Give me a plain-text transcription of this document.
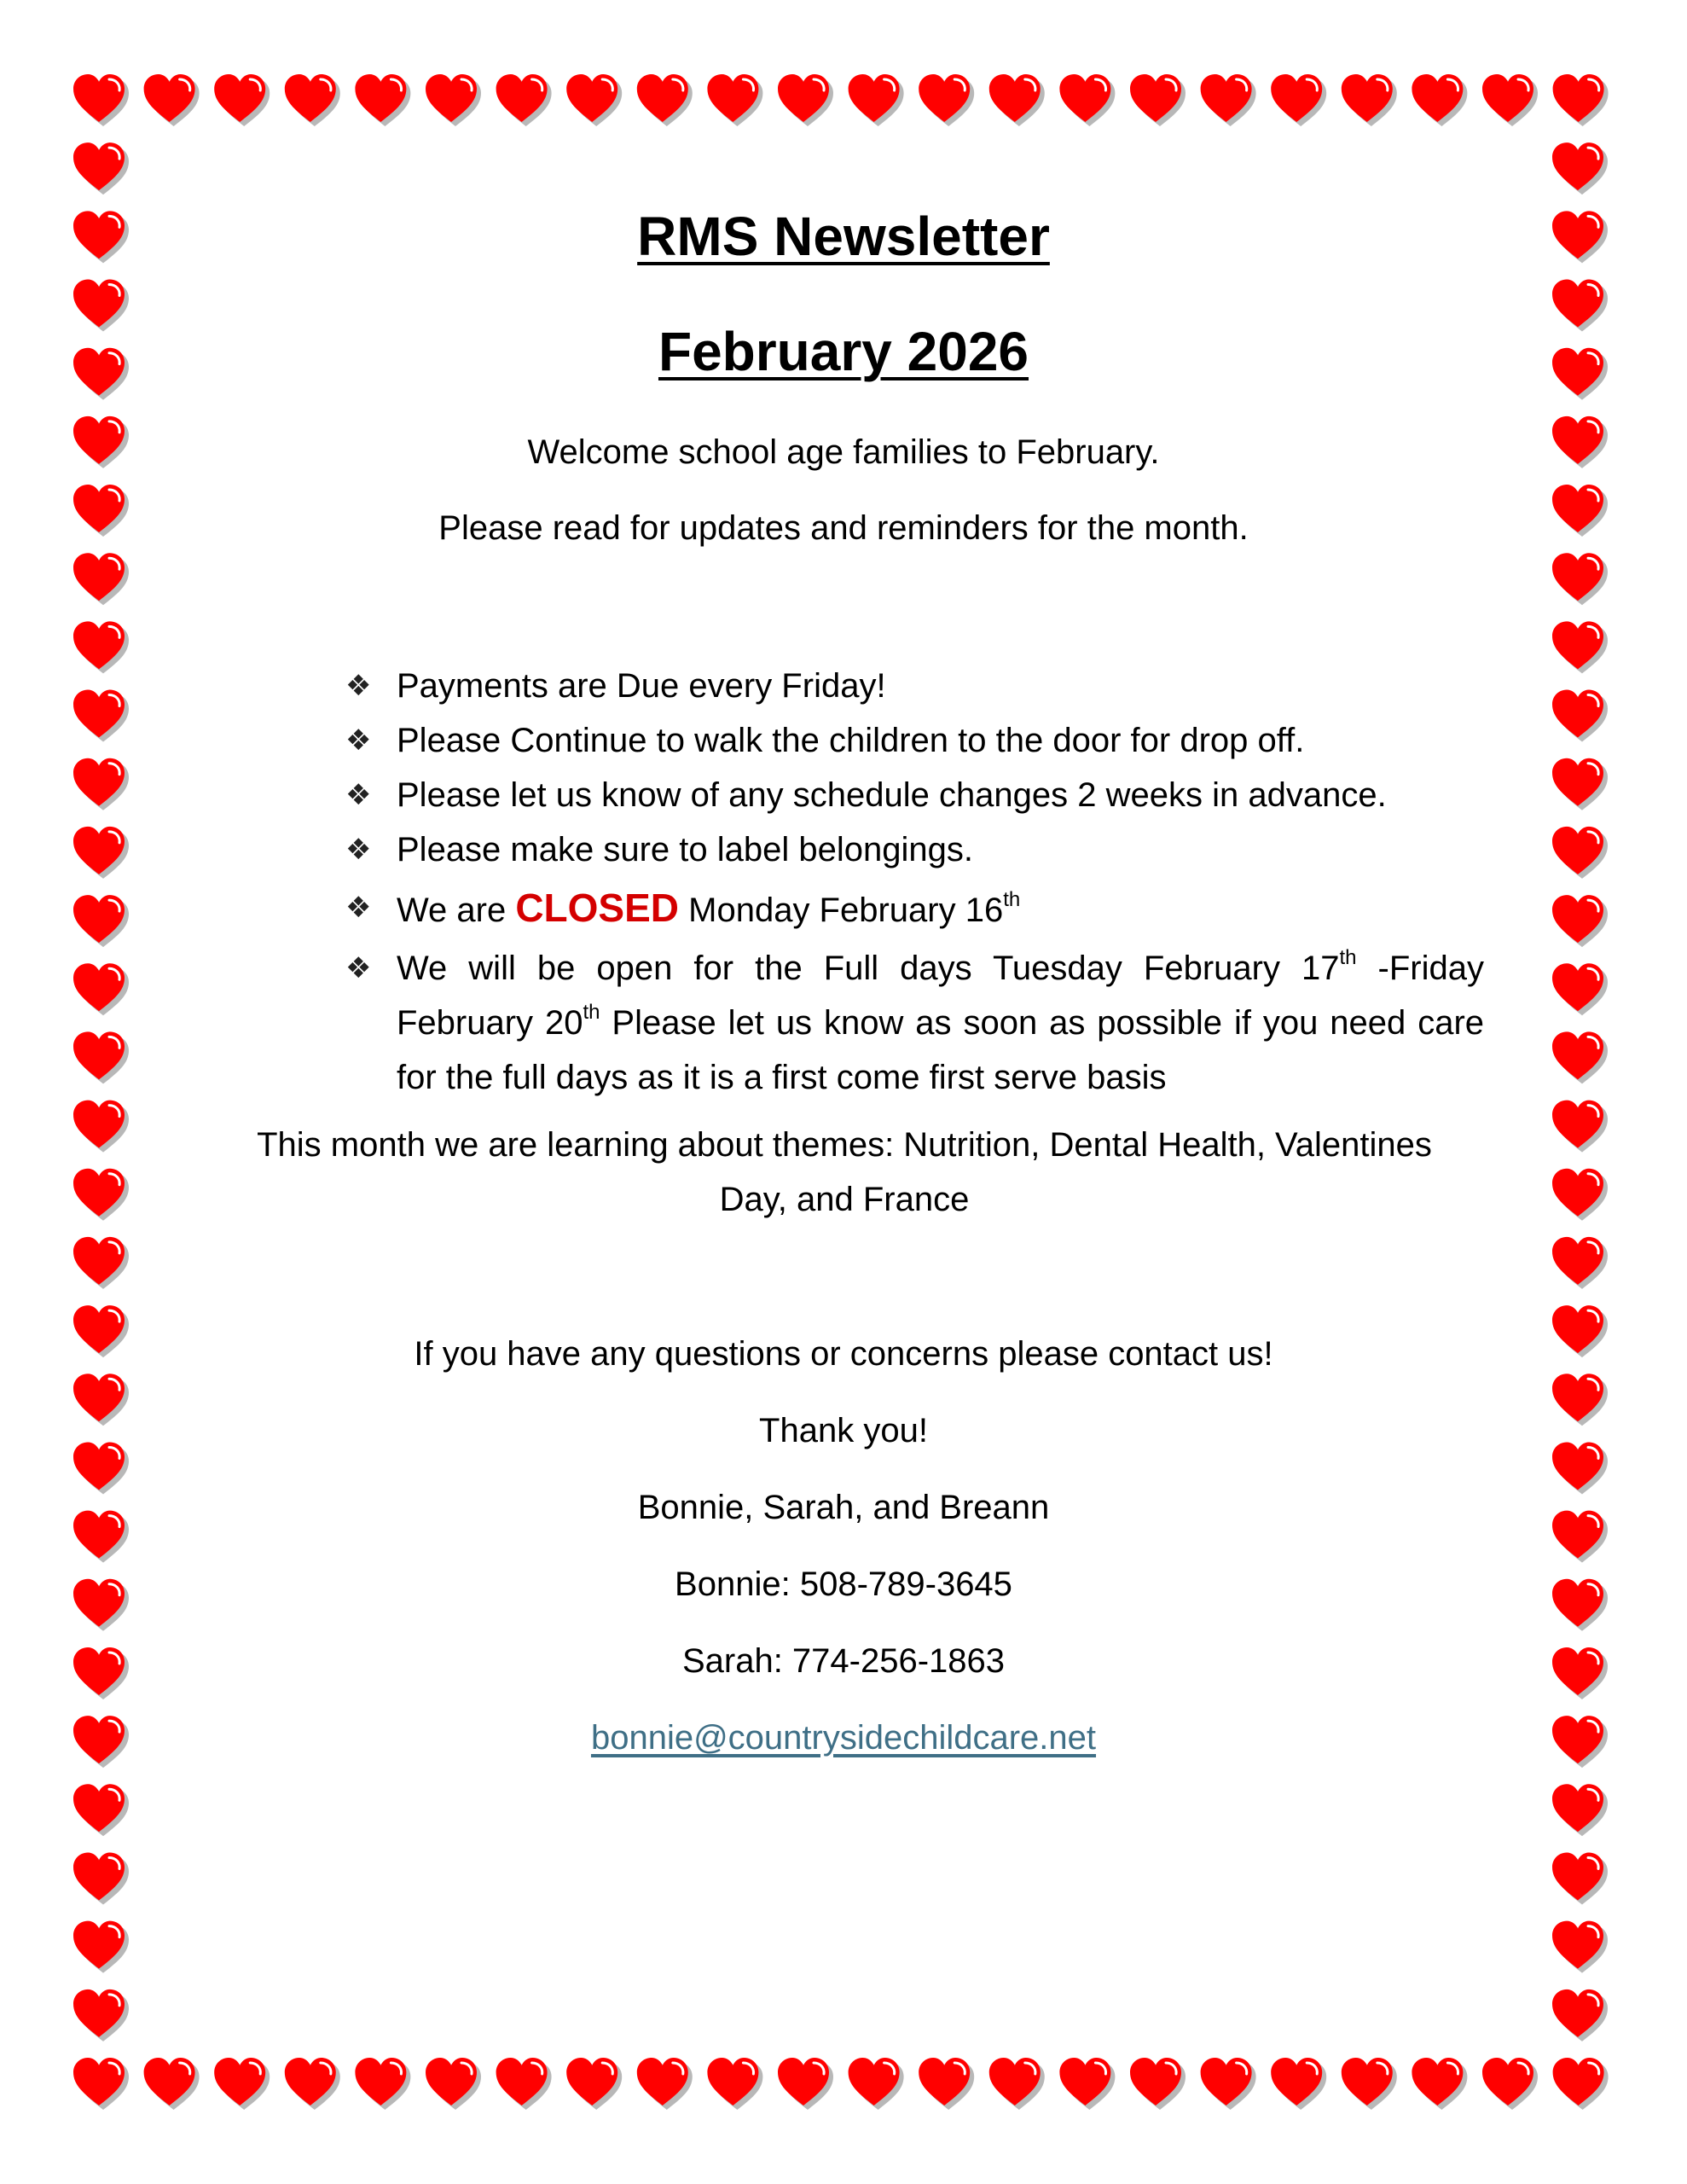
RMS Newsletter
February 2026
Welcome school age families to February.
Please read for updates and reminders for the month.
❖ Payments are Due every Friday!
❖ Please Continue to walk the children to the door for drop off.
❖ Please let us know of any schedule changes 2 weeks in advance.
❖ Please make sure to label belongings.
❖ We are CLOSED Monday February 16th
❖ We will be open for the Full days Tuesday February 17th -Friday February 20th Please let us know as soon as possible if you need care for the full days as it is a first come first serve basis
This month we are learning about themes: Nutrition, Dental Health, Valentines Day, and France
If you have any questions or concerns please contact us!
Thank you!
Bonnie, Sarah, and Breann
Bonnie: 508-789-3645
Sarah: 774-256-1863
bonnie@countrysidechildcare.net
